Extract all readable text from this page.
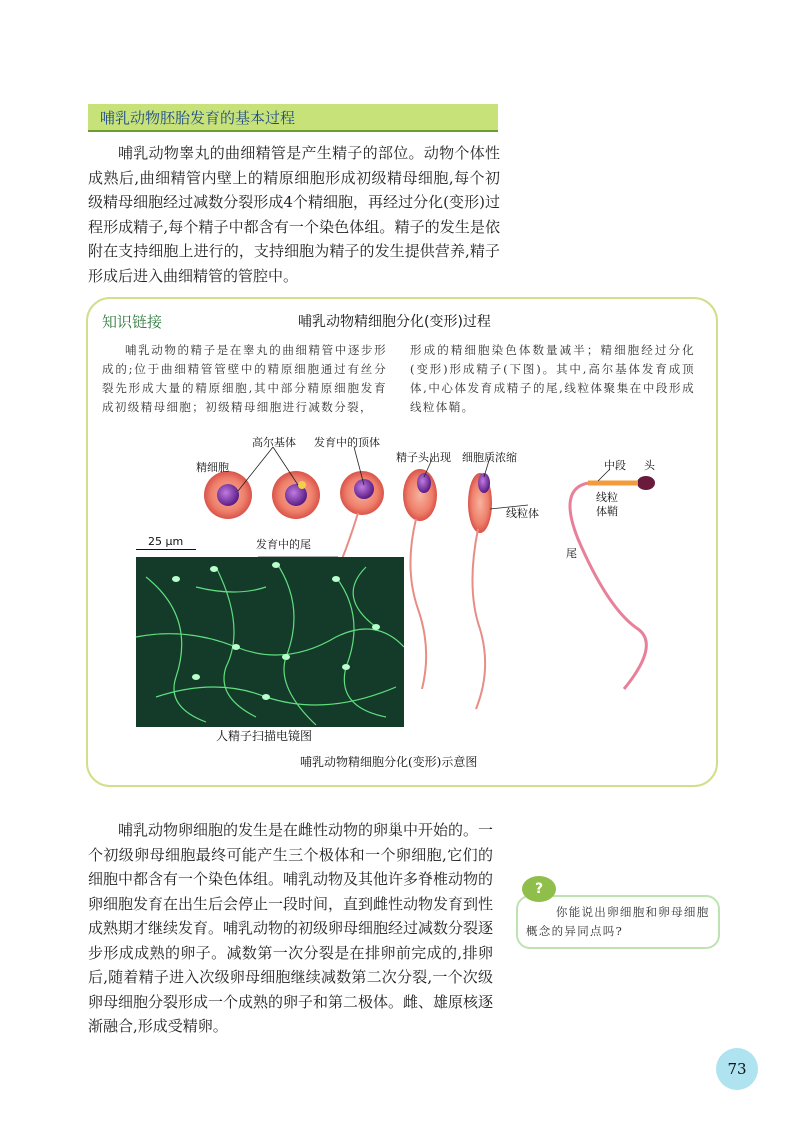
哺乳动物胚胎发育的基本过程

哺乳动物睾丸的曲细精管是产生精子的部位。动物个体性成熟后,曲细精管内壁上的精原细胞形成初级精母细胞,每个初级精母细胞经过减数分裂形成4个精细胞，再经过分化(变形)过程形成精子,每个精子中都含有一个染色体组。精子的发生是依附在支持细胞上进行的，支持细胞为精子的发生提供营养,精子形成后进入曲细精管的管腔中。

知识链接	哺乳动物精细胞分化(变形)过程

哺乳动物的精子是在睾丸的曲细精管中逐步形成的;位于曲细精管管壁中的精原细胞通过有丝分裂先形成大量的精原细胞,其中部分精原细胞发育成初级精母细胞；初级精母细胞进行减数分裂，

形成的精细胞染色体数量减半；精细胞经过分化(变形)形成精子(下图)。其中,高尔基体发育成顶体,中心体发育成精子的尾,线粒体聚集在中段形成线粒体鞘。

高尔基体 发育中的顶体
精细胞
精子头出现 细胞质浓缩
线粒体
发育中的尾
中段 头
线粒
体鞘
尾
25 μm
人精子扫描电镜图
哺乳动物精细胞分化(变形)示意图

哺乳动物卵细胞的发生是在雌性动物的卵巢中开始的。一个初级卵母细胞最终可能产生三个极体和一个卵细胞,它们的细胞中都含有一个染色体组。哺乳动物及其他许多脊椎动物的卵细胞发育在出生后会停止一段时间，直到雌性动物发育到性成熟期才继续发育。哺乳动物的初级卵母细胞经过减数分裂逐步形成成熟的卵子。减数第一次分裂是在排卵前完成的,排卵后,随着精子进入次级卵母细胞继续减数第二次分裂,一个次级卵母细胞分裂形成一个成熟的卵子和第二极体。雌、雄原核逐渐融合,形成受精卵。

?

你能说出卵细胞和卵母细胞概念的异同点吗?

73
